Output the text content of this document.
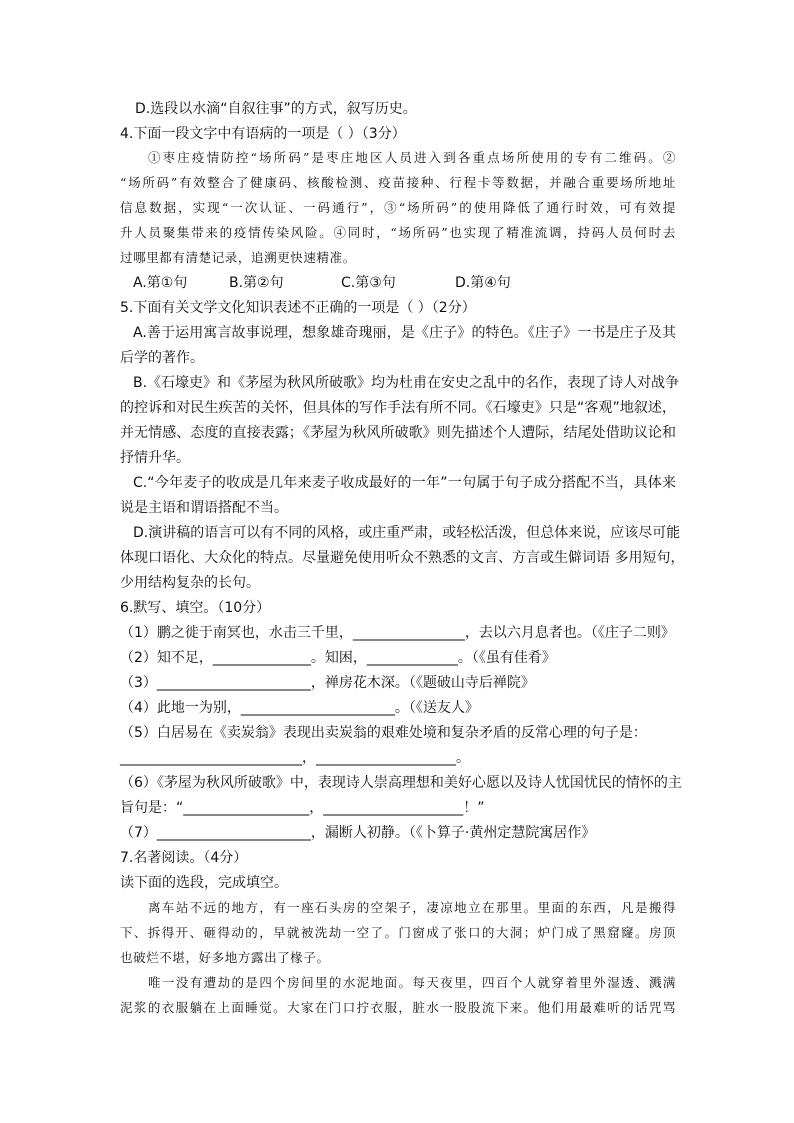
D.选段以水滴“自叙往事”的方式，叙写历史。
4.下面一段文字中有语病的一项是（ ）（3分）
①枣庄疫情防控“场所码”是枣庄地区人员进入到各重点场所使用的专有二维码。②
“场所码”有效整合了健康码、核酸检测、疫苗接种、行程卡等数据，并融合重要场所地址
信息数据，实现“一次认证、一码通行”，③“场所码”的使用降低了通行时效，可有效提
升人员聚集带来的疫情传染风险。④同时，“场所码”也实现了精准流调，持码人员何时去
过哪里都有清楚记录，追溯更快速精准。
A.第①句	B.第②句	C.第③句	D.第④句
5.下面有关文学文化知识表述不正确的一项是（ ）（2分）
A.善于运用寓言故事说理，想象雄奇瑰丽，是《庄子》的特色。《庄子》一书是庄子及其
后学的著作。
B.《石壕吏》和《茅屋为秋风所破歌》均为杜甫在安史之乱中的名作，表现了诗人对战争
的控诉和对民生疾苦的关怀，但具体的写作手法有所不同。《石壕吏》只是“客观”地叙述，
并无情感、态度的直接表露；《茅屋为秋风所破歌》则先描述个人遭际，结尾处借助议论和
抒情升华。
C.“今年麦子的收成是几年来麦子收成最好的一年”一句属于句子成分搭配不当，具体来
说是主语和谓语搭配不当。
D.演讲稿的语言可以有不同的风格，或庄重严肃，或轻松活泼，但总体来说，应该尽可能
体现口语化、大众化的特点。尽量避免使用听众不熟悉的文言、方言或生僻词语 多用短句，
少用结构复杂的长句。
6.默写、填空。（10分）
（1）鹏之徙于南冥也，水击三千里，________________，去以六月息者也。（《庄子二则》
（2）知不足，______________。知困，_____________。（《虽有佳肴》
（3）______________________，禅房花木深。（《题破山寺后禅院》
（4）此地一为别，______________________。（《送友人》
（5）白居易在《卖炭翁》表现出卖炭翁的艰难处境和复杂矛盾的反常心理的句子是：
__________________________，____________________。
（6）《茅屋为秋风所破歌》中，表现诗人崇高理想和美好心愿以及诗人忧国忧民的情怀的主
旨句是：“__________________，____________________！”
（7）______________________，漏断人初静。（《卜算子·黄州定慧院寓居作》
7.名著阅读。（4分）
读下面的选段，完成填空。
离车站不远的地方，有一座石头房的空架子，凄凉地立在那里。里面的东西，凡是搬得
下、拆得开、砸得动的，早就被洗劫一空了。门窗成了张口的大洞；炉门成了黑窟窿。房顶
也破烂不堪，好多地方露出了椽子。
唯一没有遭劫的是四个房间里的水泥地面。每天夜里，四百个人就穿着里外湿透、溅满
泥浆的衣服躺在上面睡觉。大家在门口拧衣服，脏水一股股流下来。他们用最难听的话咒骂
